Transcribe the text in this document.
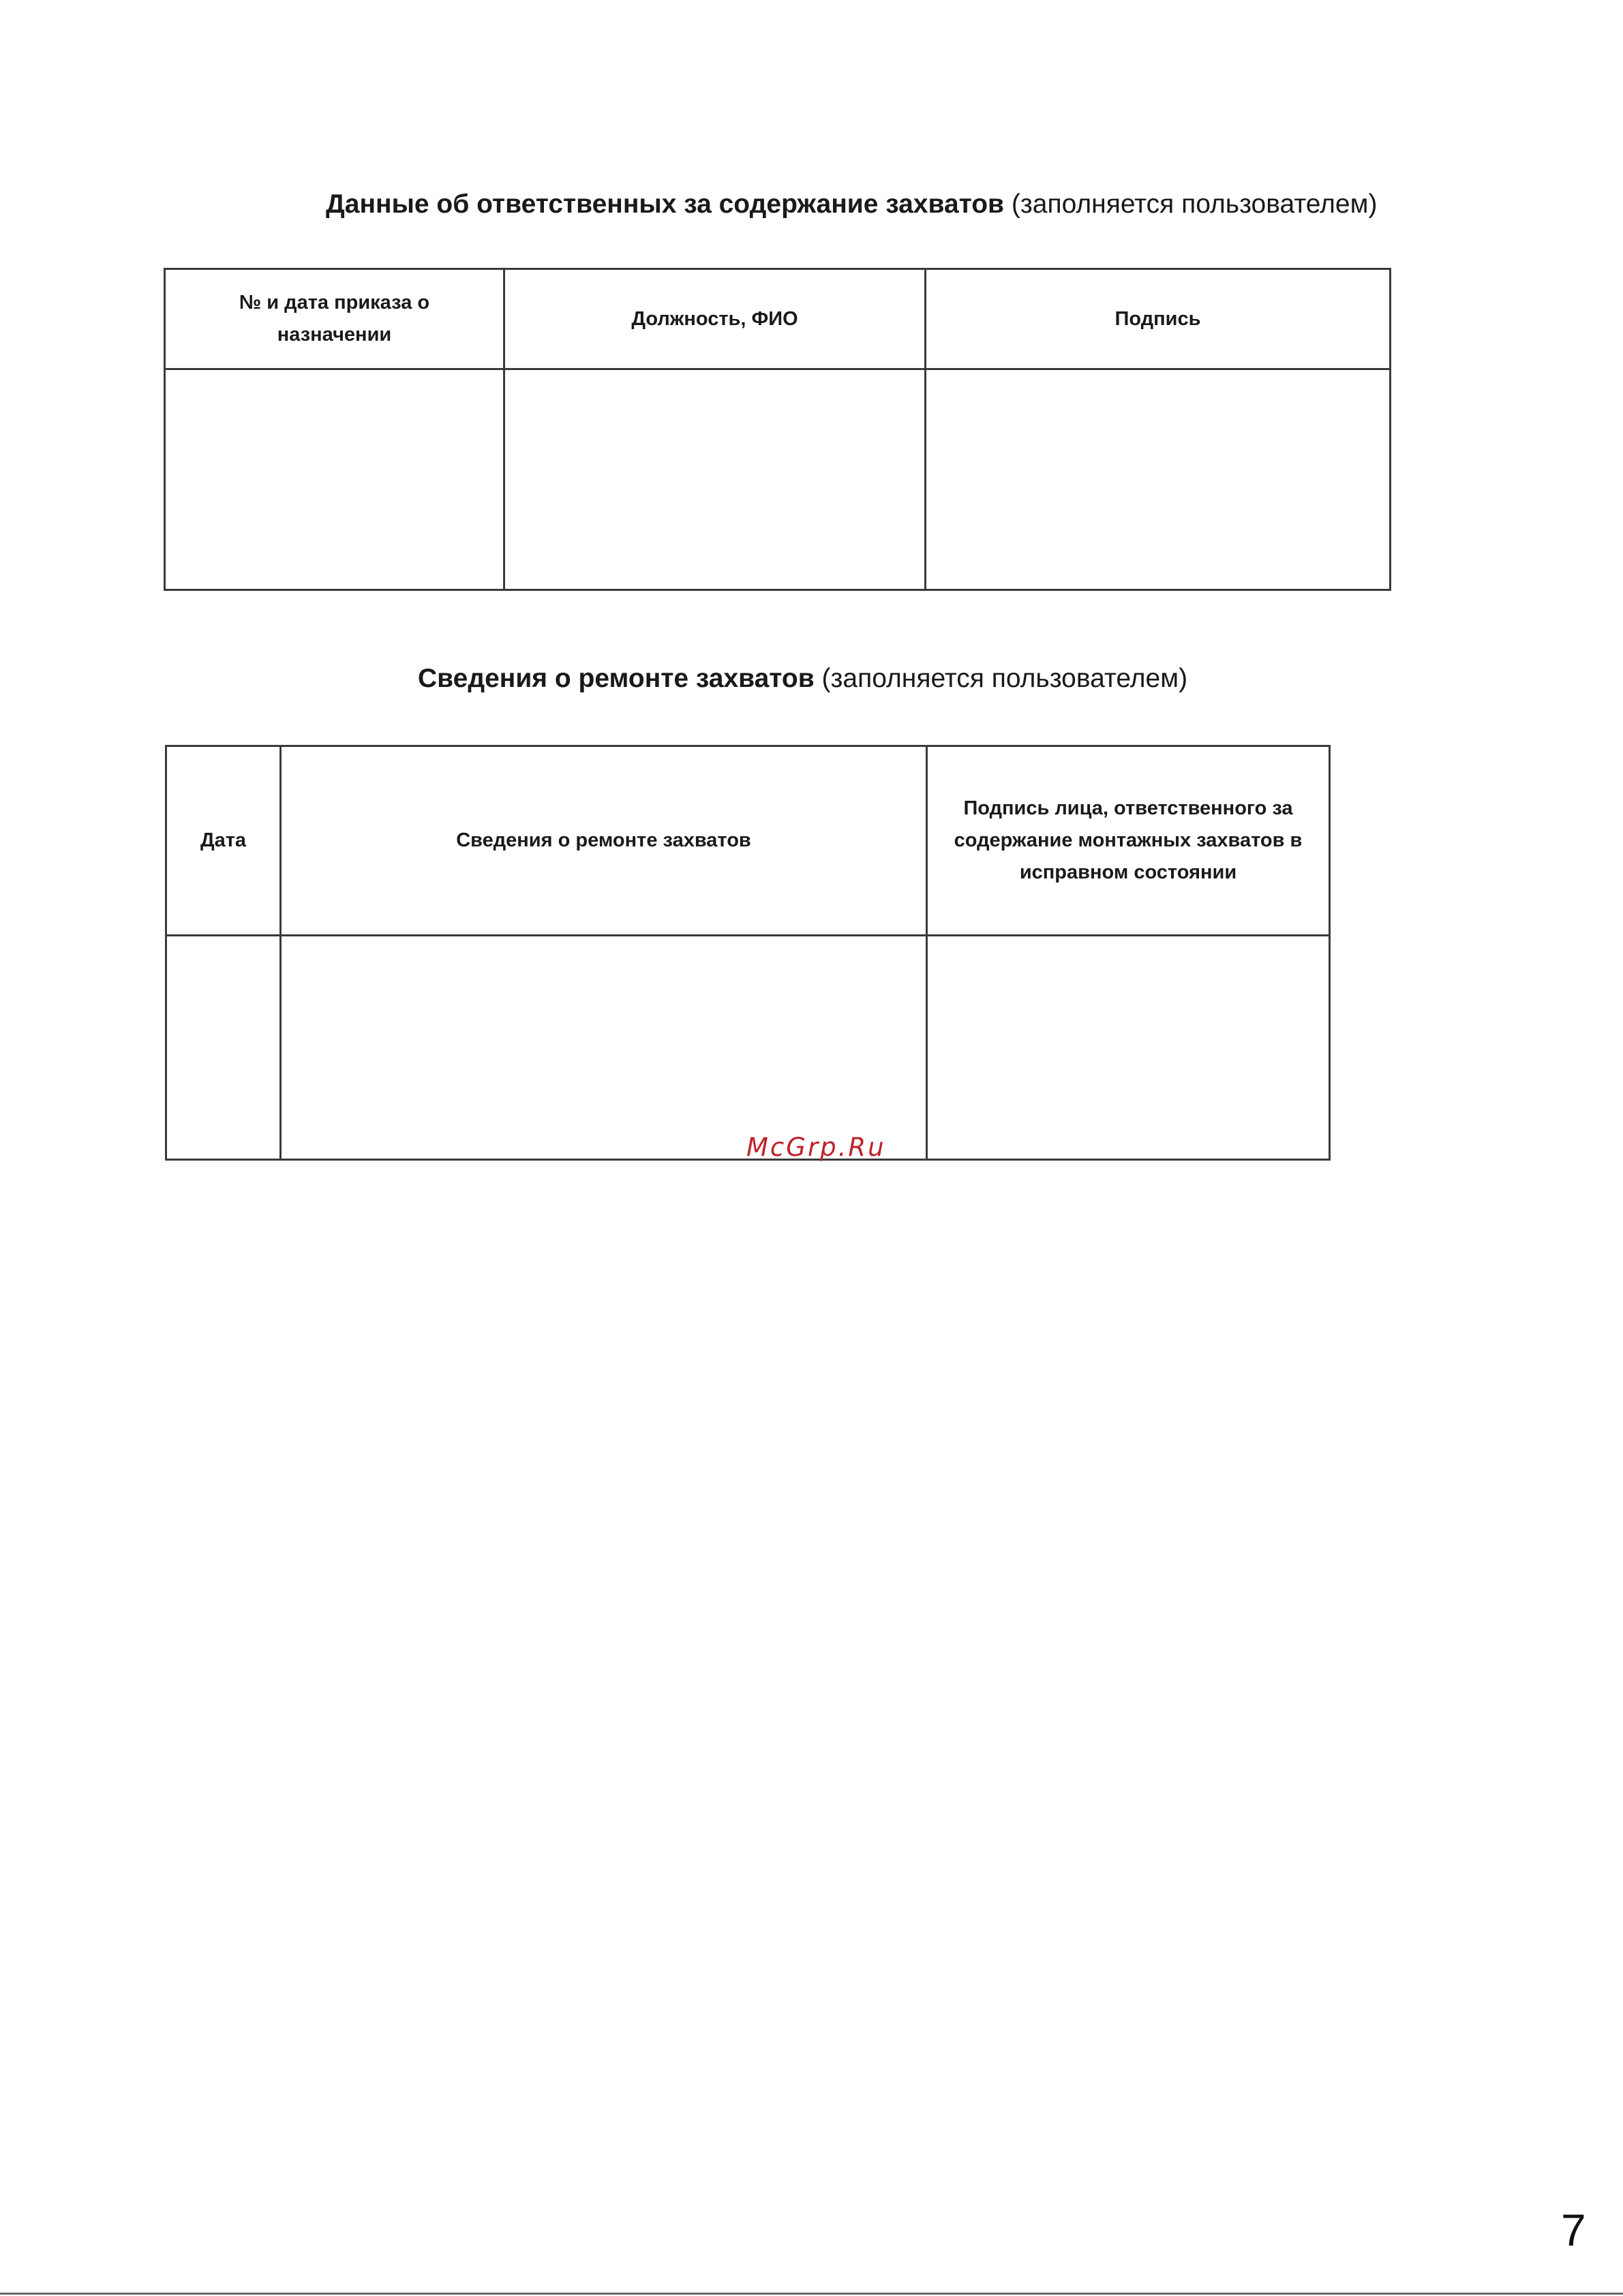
Данные об ответственных за содержание захватов (заполняется пользователем)
№ и дата приказа о назначении	Должность, ФИО	Подпись

Сведения о ремонте захватов (заполняется пользователем)
Дата	Сведения о ремонте захватов	Подпись лица, ответственного за содержание монтажных захватов в исправном состоянии

McGrp.Ru
7
